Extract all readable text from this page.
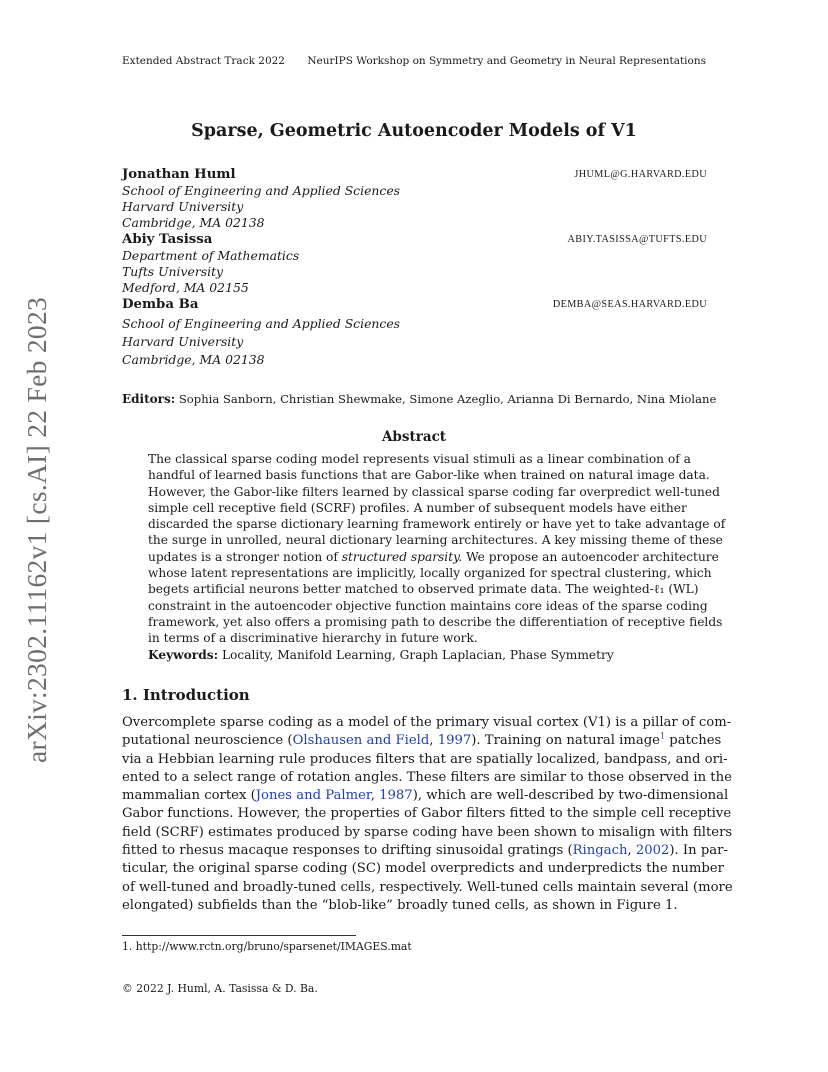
Extended Abstract Track 2022 NeurIPS Workshop on Symmetry and Geometry in Neural Representations
arXiv:2302.11162v1 [cs.AI] 22 Feb 2023
Sparse, Geometric Autoencoder Models of V1
Jonathan Huml	JHUML@G.HARVARD.EDU
School of Engineering and Applied Sciences
Harvard University
Cambridge, MA 02138
Abiy Tasissa	ABIY.TASISSA@TUFTS.EDU
Department of Mathematics
Tufts University
Medford, MA 02155
Demba Ba	DEMBA@SEAS.HARVARD.EDU
School of Engineering and Applied Sciences
Harvard University
Cambridge, MA 02138
Editors: Sophia Sanborn, Christian Shewmake, Simone Azeglio, Arianna Di Bernardo, Nina Miolane
Abstract
The classical sparse coding model represents visual stimuli as a linear combination of a
handful of learned basis functions that are Gabor-like when trained on natural image data.
However, the Gabor-like filters learned by classical sparse coding far overpredict well-tuned
simple cell receptive field (SCRF) profiles. A number of subsequent models have either
discarded the sparse dictionary learning framework entirely or have yet to take advantage of
the surge in unrolled, neural dictionary learning architectures. A key missing theme of these
updates is a stronger notion of structured sparsity. We propose an autoencoder architecture
whose latent representations are implicitly, locally organized for spectral clustering, which
begets artificial neurons better matched to observed primate data. The weighted-ℓ₁ (WL)
constraint in the autoencoder objective function maintains core ideas of the sparse coding
framework, yet also offers a promising path to describe the differentiation of receptive fields
in terms of a discriminative hierarchy in future work.
Keywords: Locality, Manifold Learning, Graph Laplacian, Phase Symmetry
1. Introduction
Overcomplete sparse coding as a model of the primary visual cortex (V1) is a pillar of com-
putational neuroscience (Olshausen and Field, 1997). Training on natural image$^1$ patches
via a Hebbian learning rule produces filters that are spatially localized, bandpass, and ori-
ented to a select range of rotation angles. These filters are similar to those observed in the
mammalian cortex (Jones and Palmer, 1987), which are well-described by two-dimensional
Gabor functions. However, the properties of Gabor filters fitted to the simple cell receptive
field (SCRF) estimates produced by sparse coding have been shown to misalign with filters
fitted to rhesus macaque responses to drifting sinusoidal gratings (Ringach, 2002). In par-
ticular, the original sparse coding (SC) model overpredicts and underpredicts the number
of well-tuned and broadly-tuned cells, respectively. Well-tuned cells maintain several (more
elongated) subfields than the “blob-like” broadly tuned cells, as shown in Figure 1.
1. http://www.rctn.org/bruno/sparsenet/IMAGES.mat
© 2022 J. Huml, A. Tasissa & D. Ba.
